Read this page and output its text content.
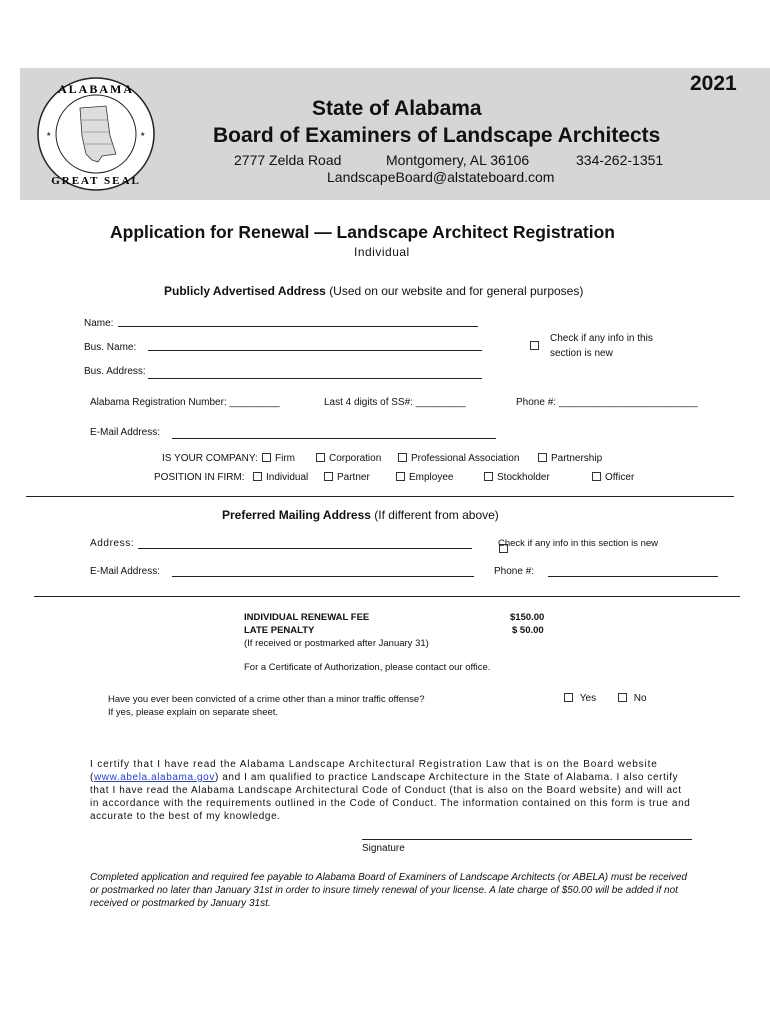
★	★
ALABAMA
GREAT SEAL
2021
State of Alabama
Board of Examiners of Landscape Architects
2777 Zelda Road	Montgomery, AL 36106	334-262-1351
LandscapeBoard@alstateboard.com
Application for Renewal — Landscape Architect Registration
Individual
Publicly Advertised Address (Used on our website and for general purposes)
Name:
Bus. Name:
Bus. Address:

Check if any info in this
section is new
Alabama Registration Number: _________	Last 4 digits of SS#: _________	Phone #: _________________________
E-Mail Address:
IS YOUR COMPANY:	Firm	Corporation	Professional Association	Partnership
POSITION IN FIRM:	Individual	Partner	Employee	Stockholder	Officer
Preferred Mailing Address (If different from above)
Address:	Check if any info in this section is new
E-Mail Address:	Phone #:
INDIVIDUAL RENEWAL FEE	$150.00
LATE PENALTY	$ 50.00
(If received or postmarked after January 31)
For a Certificate of Authorization, please contact our office.
Have you ever been convicted of a crime other than a minor traffic offense?
If yes, please explain on separate sheet.
Yes	No
I certify that I have read the Alabama Landscape Architectural Registration Law that is on the Board website
(www.abela.alabama.gov) and I am qualified to practice Landscape Architecture in the State of Alabama. I also certify
that I have read the Alabama Landscape Architectural Code of Conduct (that is also on the Board website) and will act
in accordance with the requirements outlined in the Code of Conduct. The information contained on this form is true and
accurate to the best of my knowledge.
Signature
Completed application and required fee payable to Alabama Board of Examiners of Landscape Architects (or ABELA) must be received
or postmarked no later than January 31st in order to insure timely renewal of your license. A late charge of $50.00 will be added if not
received or postmarked by January 31st.
